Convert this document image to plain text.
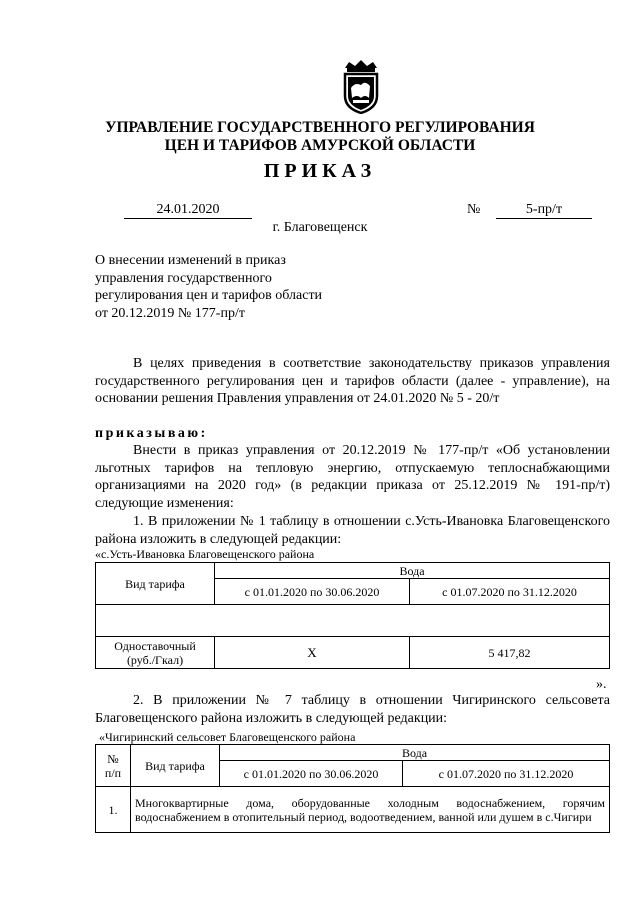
УПРАВЛЕНИЕ ГОСУДАРСТВЕННОГО РЕГУЛИРОВАНИЯ
ЦЕН И ТАРИФОВ АМУРСКОЙ ОБЛАСТИ
ПРИКАЗ
24.01.2020	№	5-пр/т
г. Благовещенск
О внесении изменений в приказ
управления государственного
регулирования цен и тарифов области
от 20.12.2019 № 177-пр/т
В целях приведения в соответствие законодательству приказов управления государственного регулирования цен и тарифов области (далее - управление), на основании решения Правления управления от 24.01.2020 № 5 - 20/т
приказываю:
Внести в приказ управления от 20.12.2019 № 177-пр/т «Об установлении льготных тарифов на тепловую энергию, отпускаемую теплоснабжающими организациями на 2020 год» (в редакции приказа от 25.12.2019 № 191-пр/т) следующие изменения:
1. В приложении № 1 таблицу в отношении с.Усть-Ивановка Благовещенского района изложить в следующей редакции:
«с.Усть-Ивановка Благовещенского района
Вид тарифа	Вода	
	с 01.01.2020 по 30.06.2020	с 01.07.2020 по 31.12.2020

Одноставочный
(руб./Гкал)	Х	5 417,82
».
2. В приложении № 7 таблицу в отношении Чигиринского сельсовета Благовещенского района изложить в следующей редакции:
«Чигиринский сельсовет Благовещенского района
№
п/п	Вид тарифа	Вода	
		с 01.01.2020 по 30.06.2020	с 01.07.2020 по 31.12.2020
1.	Многоквартирные дома, оборудованные холодным водоснабжением, горячим водоснабжением в отопительный период, водоотведением, ванной или душем в с.Чигири		
